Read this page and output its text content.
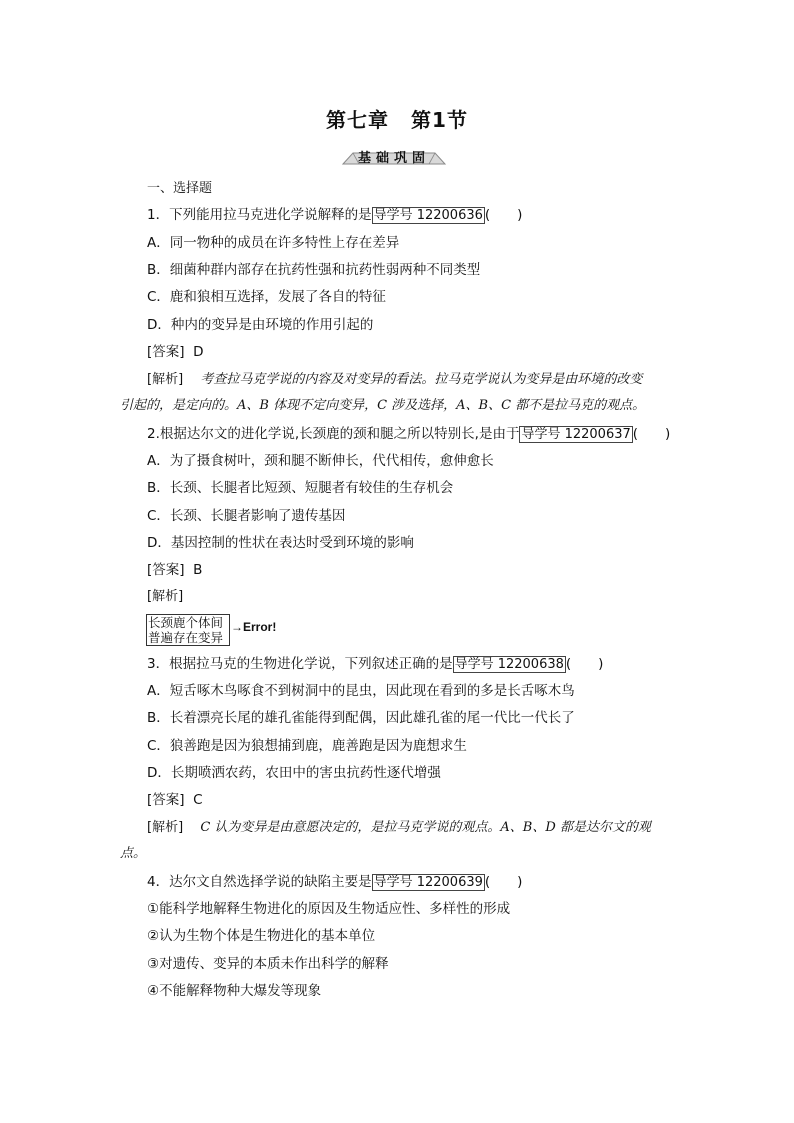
第七章 第1节
基础巩固
一、选择题
1．下列能用拉马克进化学说解释的是 导学号 12200636 (　　)
A．同一物种的成员在许多特性上存在差异
B．细菌种群内部存在抗药性强和抗药性弱两种不同类型
C．鹿和狼相互选择，发展了各自的特征
D．种内的变异是由环境的作用引起的
[答案] D
[解析] 考查拉马克学说的内容及对变异的看法。拉马克学说认为变异是由环境的改变
引起的，是定向的。A、B 体现不定向变异，C 涉及选择，A、B、C 都不是拉马克的观点。
2.根据达尔文的进化学说,长颈鹿的颈和腿之所以特别长,是由于 导学号 12200637 (　　)
A．为了摄食树叶，颈和腿不断伸长，代代相传，愈伸愈长
B．长颈、长腿者比短颈、短腿者有较佳的生存机会
C．长颈、长腿者影响了遗传基因
D．基因控制的性状在表达时受到环境的影响
[答案] B
[解析]
长颈鹿个体间
普遍存在变异
→Error!
3．根据拉马克的生物进化学说，下列叙述正确的是 导学号 12200638 (　　)
A．短舌啄木鸟啄食不到树洞中的昆虫，因此现在看到的多是长舌啄木鸟
B．长着漂亮长尾的雄孔雀能得到配偶，因此雄孔雀的尾一代比一代长了
C．狼善跑是因为狼想捕到鹿，鹿善跑是因为鹿想求生
D．长期喷洒农药，农田中的害虫抗药性逐代增强
[答案] C
[解析] C 认为变异是由意愿决定的，是拉马克学说的观点。A、B、D 都是达尔文的观
点。
4．达尔文自然选择学说的缺陷主要是 导学号 12200639 (　　)
①能科学地解释生物进化的原因及生物适应性、多样性的形成
②认为生物个体是生物进化的基本单位
③对遗传、变异的本质未作出科学的解释
④不能解释物种大爆发等现象
